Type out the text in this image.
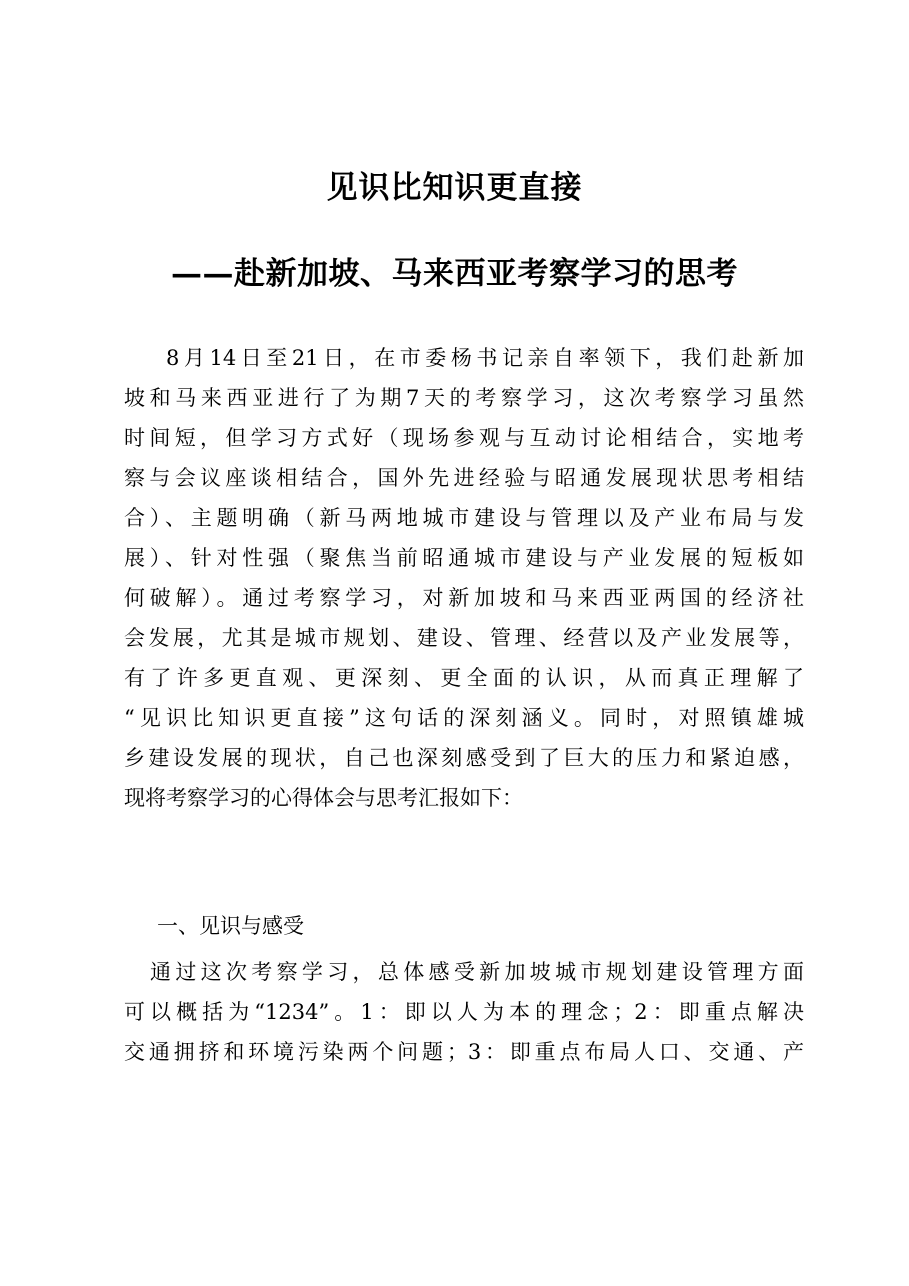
见识比知识更直接
——赴新加坡、马来西亚考察学习的思考
8月14日至21日，在市委杨书记亲自率领下，我们赴新加
坡和马来西亚进行了为期7天的考察学习，这次考察学习虽然
时间短，但学习方式好（现场参观与互动讨论相结合，实地考
察与会议座谈相结合，国外先进经验与昭通发展现状思考相结
合）、主题明确（新马两地城市建设与管理以及产业布局与发
展）、针对性强（聚焦当前昭通城市建设与产业发展的短板如
何破解）。通过考察学习，对新加坡和马来西亚两国的经济社
会发展，尤其是城市规划、建设、管理、经营以及产业发展等，
有了许多更直观、更深刻、更全面的认识，从而真正理解了
“见识比知识更直接”这句话的深刻涵义。同时，对照镇雄城
乡建设发展的现状，自己也深刻感受到了巨大的压力和紧迫感，
现将考察学习的心得体会与思考汇报如下：
一、见识与感受
通过这次考察学习，总体感受新加坡城市规划建设管理方面
可以概括为“1234”。1：即以人为本的理念；2：即重点解决
交通拥挤和环境污染两个问题；3：即重点布局人口、交通、产
